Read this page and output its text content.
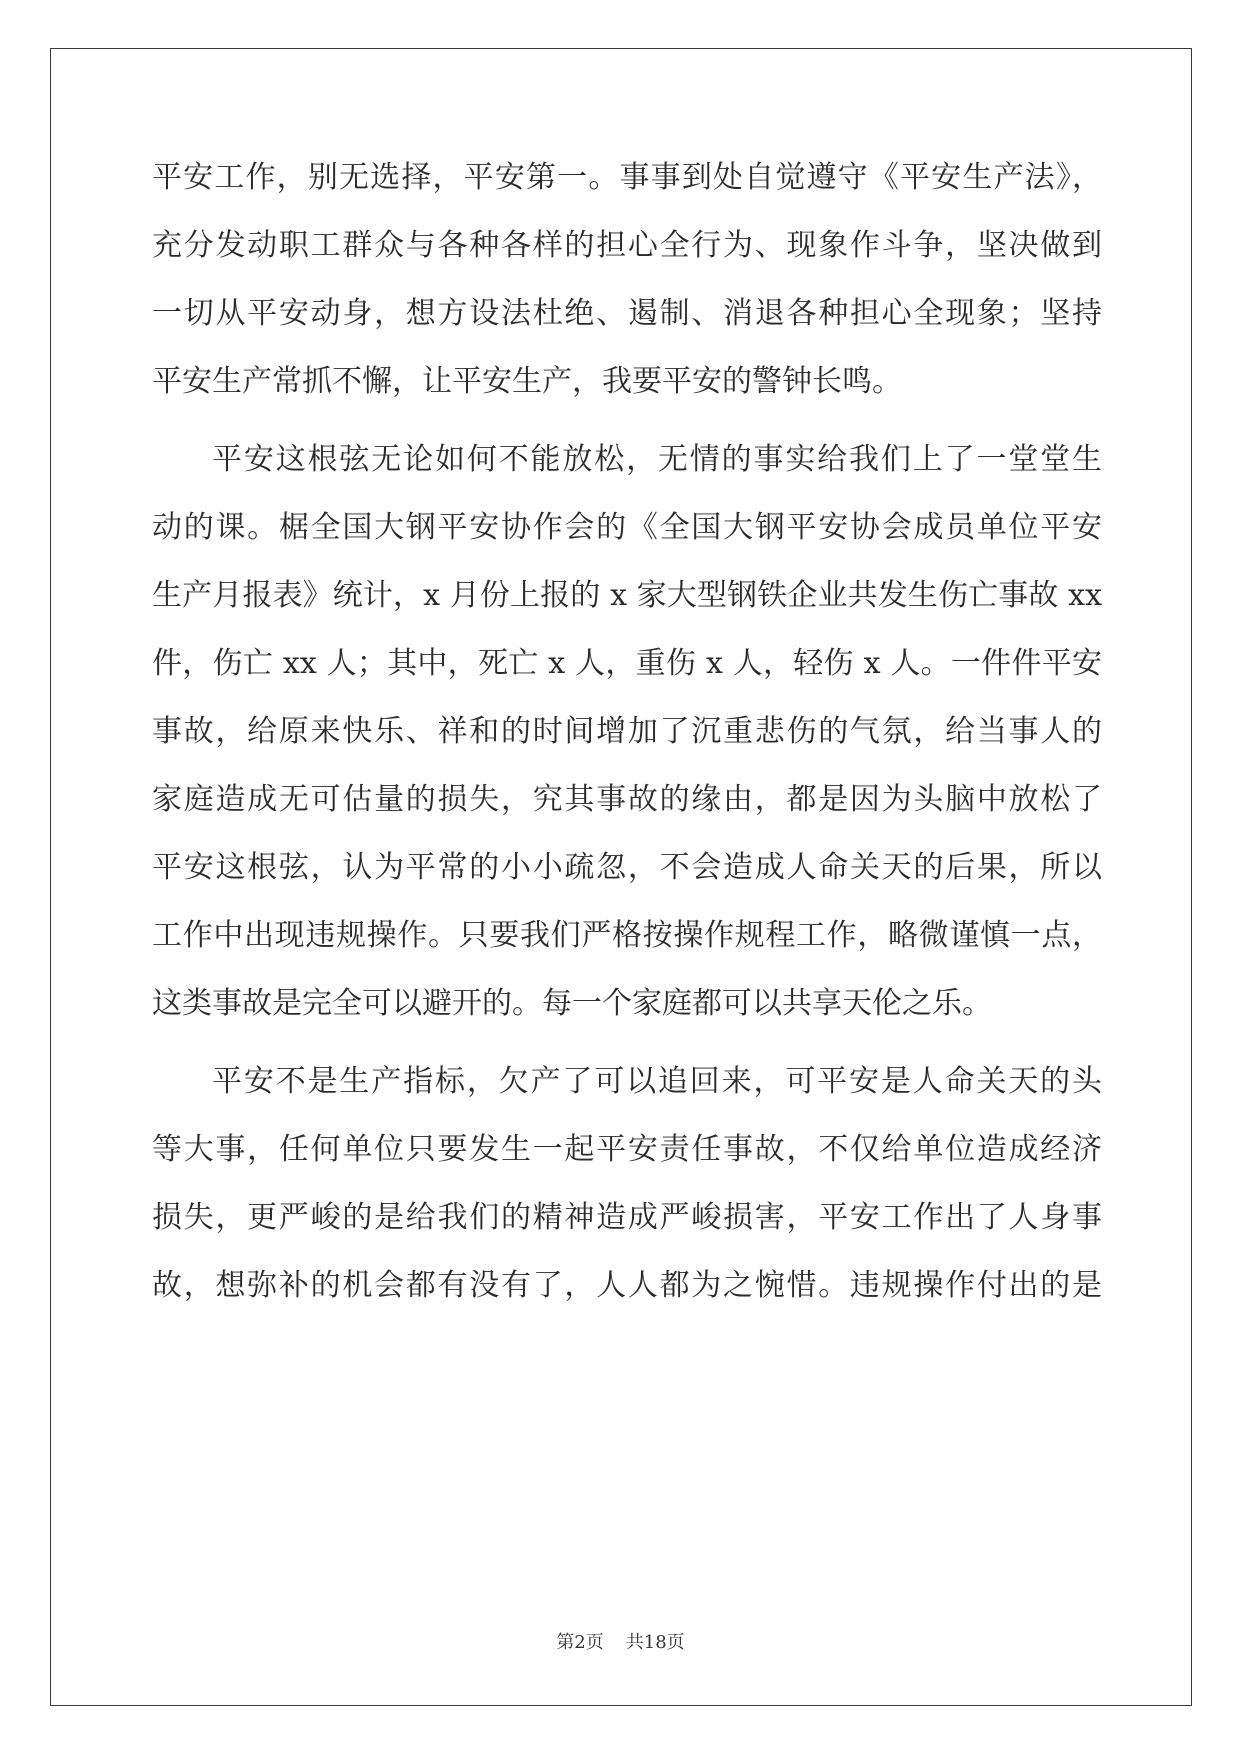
平安工作，别无选择，平安第一。事事到处自觉遵守《平安生产法》，
充分发动职工群众与各种各样的担心全行为、现象作斗争，坚决做到
一切从平安动身，想方设法杜绝、遏制、消退各种担心全现象；坚持
平安生产常抓不懈，让平安生产，我要平安的警钟长鸣。
平安这根弦无论如何不能放松，无情的事实给我们上了一堂堂生
动的课。椐全国大钢平安协作会的《全国大钢平安协会成员单位平安
生产月报表》统计，x 月份上报的 x 家大型钢铁企业共发生伤亡事故 xx
件，伤亡 xx 人；其中，死亡 x 人，重伤 x 人，轻伤 x 人。一件件平安
事故，给原来快乐、祥和的时间增加了沉重悲伤的气氛，给当事人的
家庭造成无可估量的损失，究其事故的缘由，都是因为头脑中放松了
平安这根弦，认为平常的小小疏忽，不会造成人命关天的后果，所以
工作中出现违规操作。只要我们严格按操作规程工作，略微谨慎一点，
这类事故是完全可以避开的。每一个家庭都可以共享天伦之乐。
平安不是生产指标，欠产了可以追回来，可平安是人命关天的头
等大事，任何单位只要发生一起平安责任事故，不仅给单位造成经济
损失，更严峻的是给我们的精神造成严峻损害，平安工作出了人身事
故，想弥补的机会都有没有了，人人都为之惋惜。违规操作付出的是
第2页 共18页
